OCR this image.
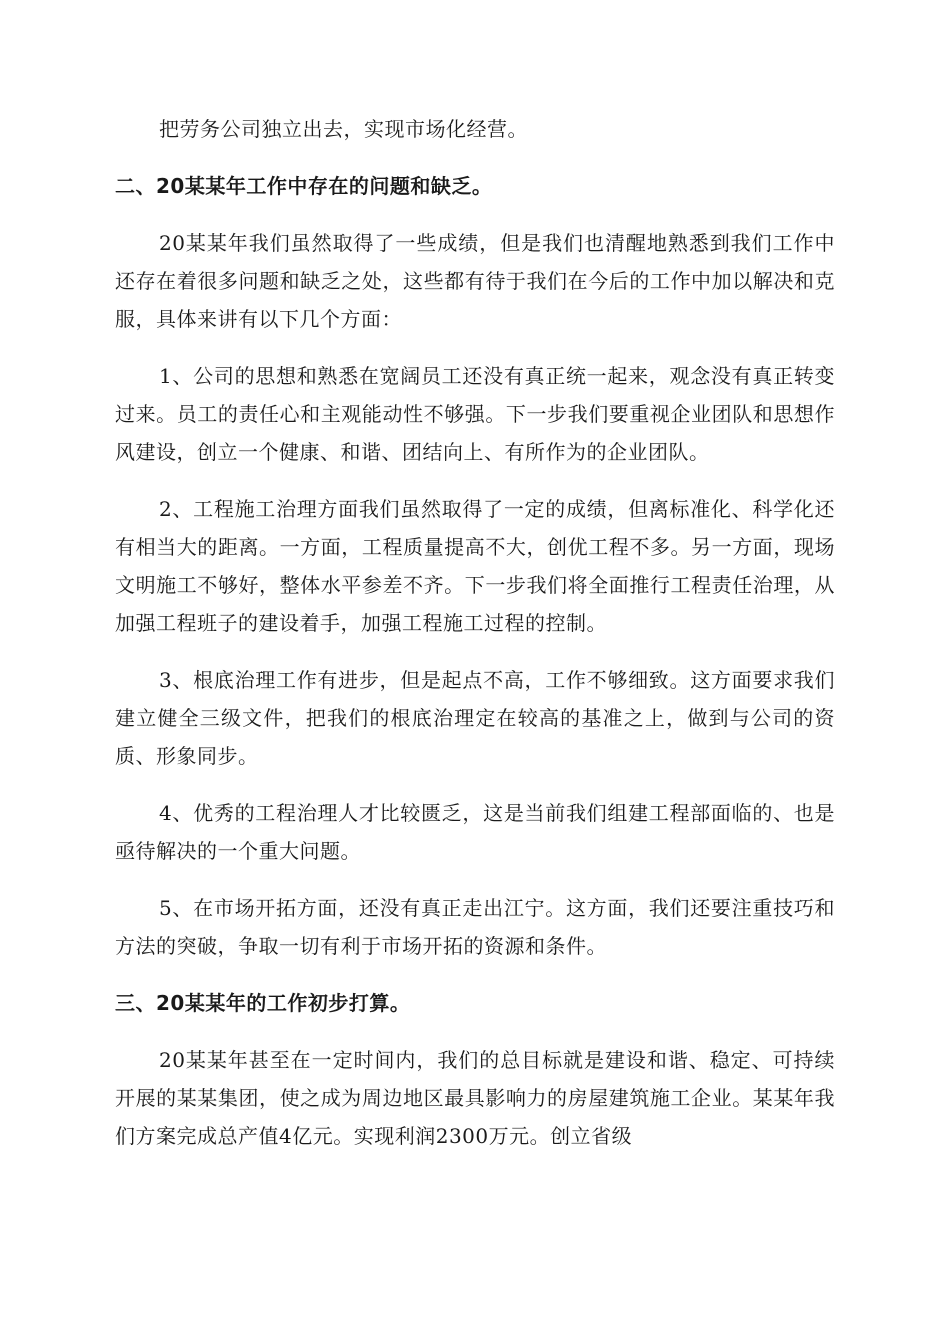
把劳务公司独立出去，实现市场化经营。

二、20某某年工作中存在的问题和缺乏。

20某某年我们虽然取得了一些成绩，但是我们也清醒地熟悉到我们工作中还存在着很多问题和缺乏之处，这些都有待于我们在今后的工作中加以解决和克服，具体来讲有以下几个方面：

1、公司的思想和熟悉在宽阔员工还没有真正统一起来，观念没有真正转变过来。员工的责任心和主观能动性不够强。下一步我们要重视企业团队和思想作风建设，创立一个健康、和谐、团结向上、有所作为的企业团队。

2、工程施工治理方面我们虽然取得了一定的成绩，但离标准化、科学化还有相当大的距离。一方面，工程质量提高不大，创优工程不多。另一方面，现场文明施工不够好，整体水平参差不齐。下一步我们将全面推行工程责任治理，从加强工程班子的建设着手，加强工程施工过程的控制。

3、根底治理工作有进步，但是起点不高，工作不够细致。这方面要求我们建立健全三级文件，把我们的根底治理定在较高的基准之上，做到与公司的资质、形象同步。

4、优秀的工程治理人才比较匮乏，这是当前我们组建工程部面临的、也是亟待解决的一个重大问题。

5、在市场开拓方面，还没有真正走出江宁。这方面，我们还要注重技巧和方法的突破，争取一切有利于市场开拓的资源和条件。

三、20某某年的工作初步打算。

20某某年甚至在一定时间内，我们的总目标就是建设和谐、稳定、可持续开展的某某集团，使之成为周边地区最具影响力的房屋建筑施工企业。某某年我们方案完成总产值4亿元。实现利润2300万元。创立省级
